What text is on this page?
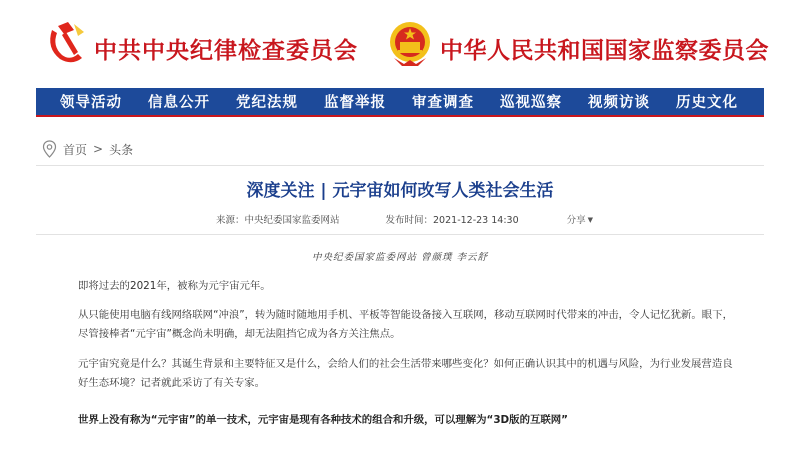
中共中央纪律检查委员会	中华人民共和国国家监察委员会
领导活动 信息公开 党纪法规 监督举报 审查调查 巡视巡察 视频访谈 历史文化
首页 > 头条
深度关注 | 元宇宙如何改写人类社会生活
来源：中央纪委国家监委网站	发布时间：2021-12-23 14:30	分享 ▼
中央纪委国家监委网站 曾颜璞 李云舒

即将过去的2021年，被称为元宇宙元年。

从只能使用电脑有线网络联网“冲浪”，转为随时随地用手机、平板等智能设备接入互联网，移动互联网时代带来的冲击，令人记忆犹新。眼下，尽管接棒者“元宇宙”概念尚未明确，却无法阻挡它成为各方关注焦点。

元宇宙究竟是什么？其诞生背景和主要特征又是什么，会给人们的社会生活带来哪些变化？如何正确认识其中的机遇与风险，为行业发展营造良好生态环境？记者就此采访了有关专家。

世界上没有称为“元宇宙”的单一技术，元宇宙是现有各种技术的组合和升级，可以理解为“3D版的互联网”
